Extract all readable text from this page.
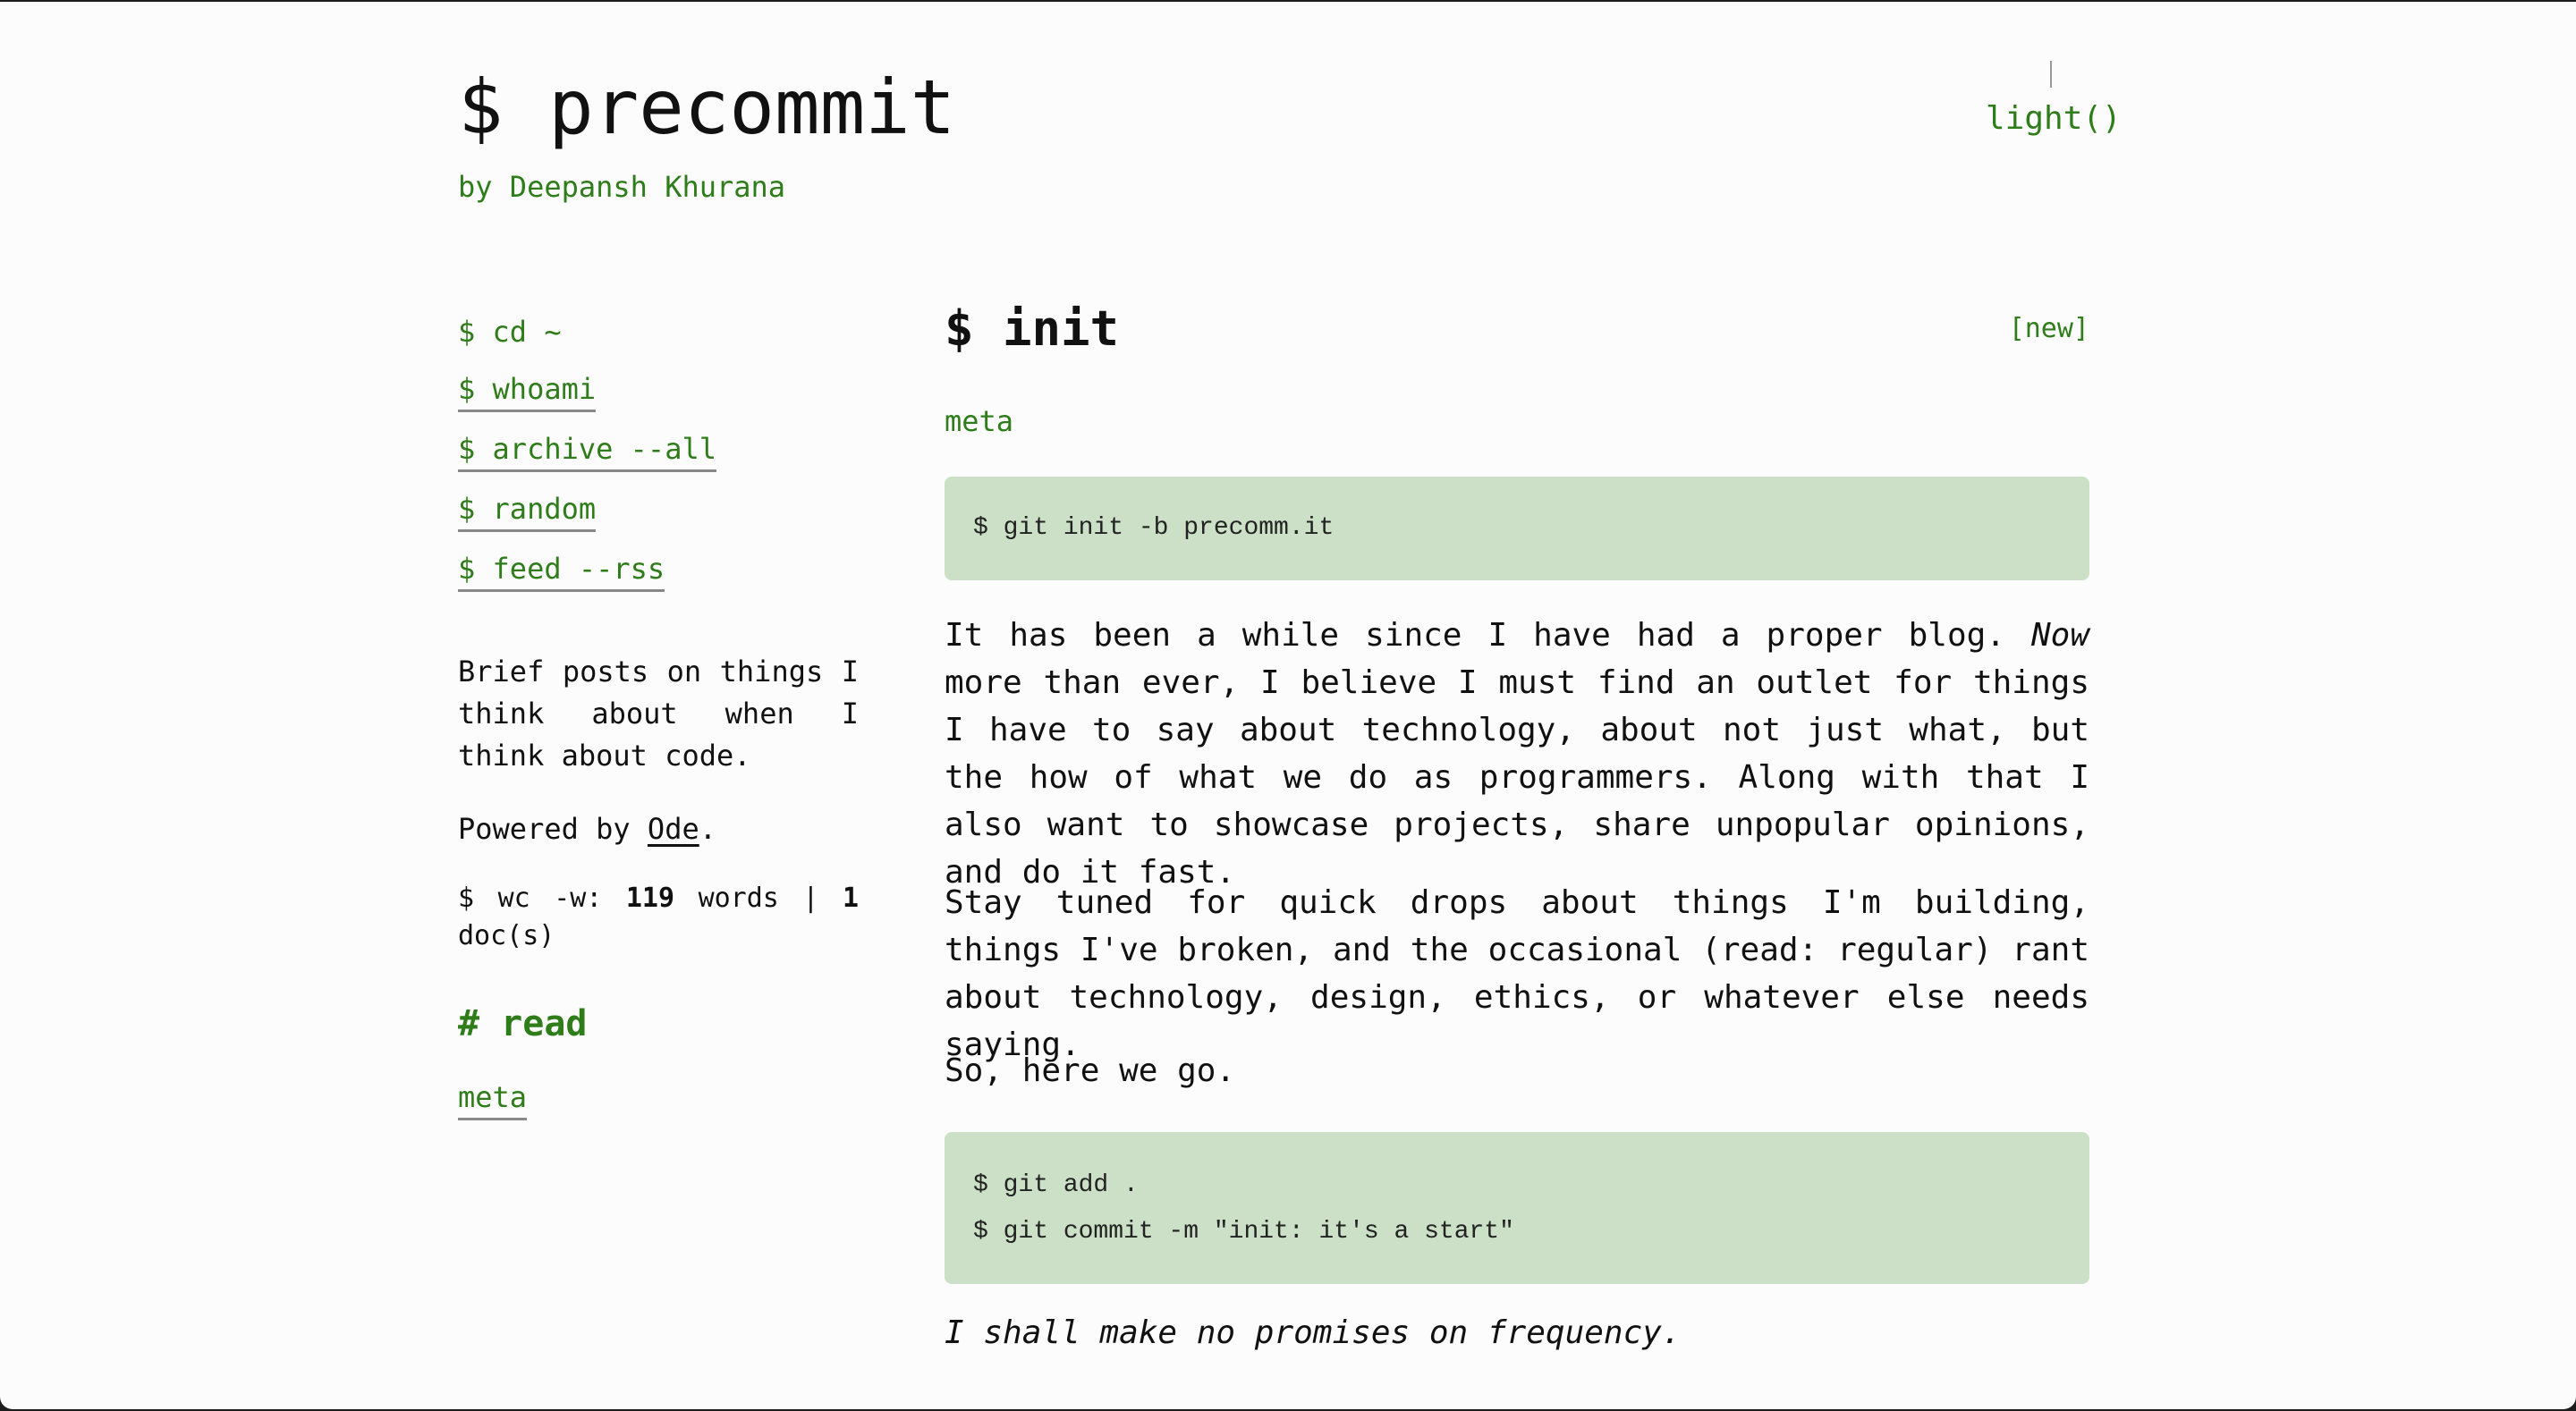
$ precommit
by Deepansh Khurana
light()
$ cd ~
$ whoami
$ archive --all
$ random
$ feed --rss
Brief posts on things I think about when I think about code.
Powered by Ode.
$ wc -w: 119 words | 1
doc(s)
# read
meta
$ init	[new]
meta
$ git init -b precomm.it

It has been a while since I have had a proper blog. Now more than ever, I believe I must find an outlet for things I have to say about technology, about not just what, but the how of what we do as programmers. Along with that I also want to showcase projects, share unpopular opinions, and do it fast.

Stay tuned for quick drops about things I'm building, things I've broken, and the occasional (read: regular) rant about technology, design, ethics, or whatever else needs saying.

So, here we go.

$ git add .
$ git commit -m "init: it's a start"

I shall make no promises on frequency.
